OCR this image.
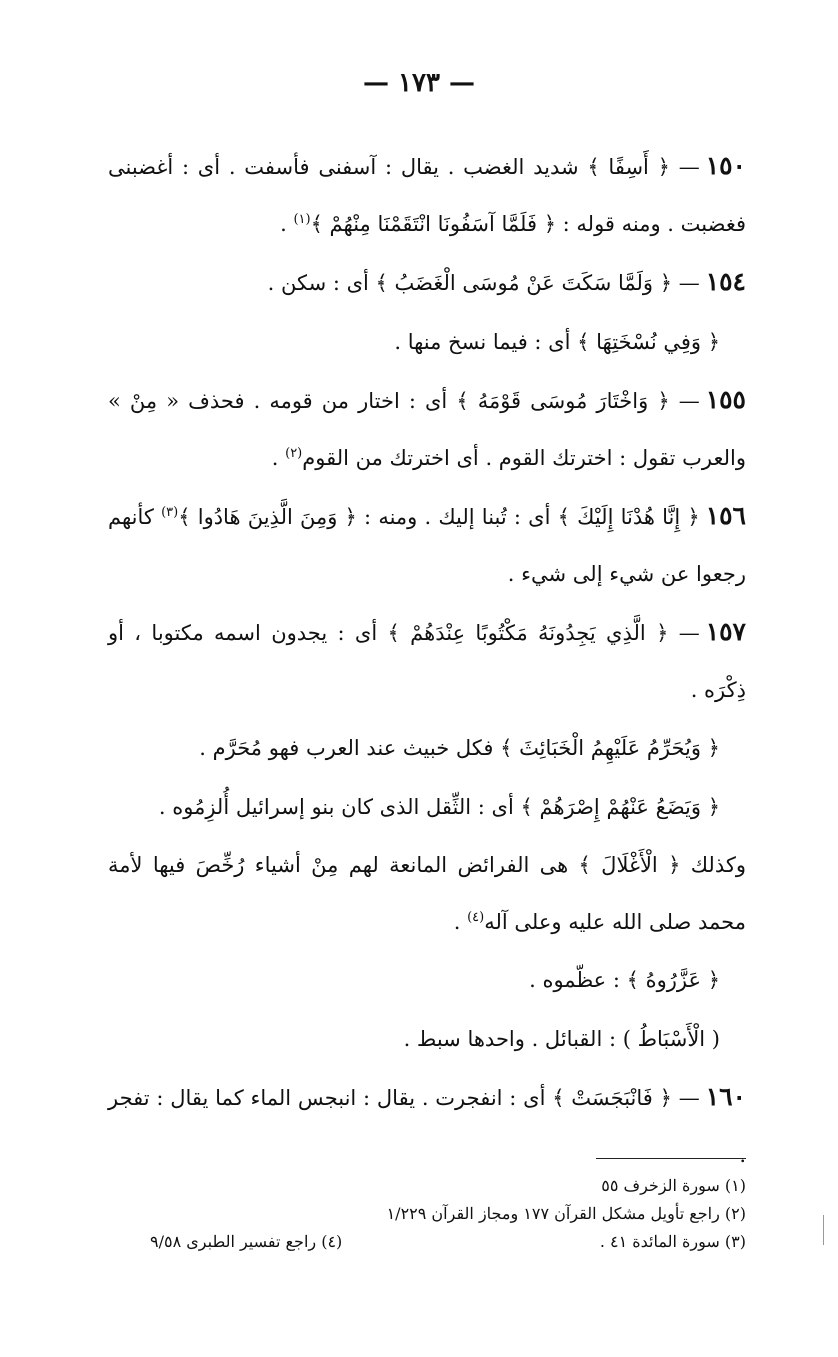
— ١٧٣ —

١٥٠— ﴿ أَسِفًا ﴾ شديد الغضب . يقال : آسفنى فأسفت . أى : أغضبنى فغضبت . ومنه قوله : ﴿ فَلَمَّا آسَفُونَا انْتَقَمْنَا مِنْهُمْ ﴾$^{(١)}$ .

١٥٤— ﴿ وَلَمَّا سَكَتَ عَنْ مُوسَى الْغَضَبُ ﴾ أى : سكن .

﴿ وَفِي نُسْخَتِهَا ﴾ أى : فيما نسخ منها .

١٥٥— ﴿ وَاخْتَارَ مُوسَى قَوْمَهُ ﴾ أى : اختار من قومه . فحذف « مِنْ » والعرب تقول : اخترتك القوم . أى اخترتك من القوم$^{(٢)}$ .

١٥٦﴿ إِنَّا هُدْنَا إِلَيْكَ ﴾ أى : تُبنا إليك . ومنه : ﴿ وَمِنَ الَّذِينَ هَادُوا ﴾$^{(٣)}$ كأنهم رجعوا عن شيء إلى شيء .

١٥٧— ﴿ الَّذِي يَجِدُونَهُ مَكْتُوبًا عِنْدَهُمْ ﴾ أى : يجدون اسمه مكتوبا ، أو ذِكْرَه .

﴿ وَيُحَرِّمُ عَلَيْهِمُ الْخَبَائِثَ ﴾ فكل خبيث عند العرب فهو مُحَرَّم .

﴿ وَيَضَعُ عَنْهُمْ إِصْرَهُمْ ﴾ أى : الثِّقل الذى كان بنو إسرائيل أُلزِمُوه .

وكذلك ﴿ الْأَغْلَالَ ﴾ هى الفرائض المانعة لهم مِنْ أشياء رُخِّصَ فيها لأمة محمد صلى الله عليه وعلى آله$^{(٤)}$ .

﴿ عَزَّرُوهُ ﴾ : عظّموه .

( الْأَسْبَاطُ ) : القبائل . واحدها سبط .

١٦٠— ﴿ فَانْبَجَسَتْ ﴾ أى : انفجرت . يقال : انبجس الماء كما يقال : تفجر .

(١) سورة الزخرف ٥٥
(٢) راجع تأويل مشكل القرآن ١٧٧ ومجاز القرآن ١/٢٢٩
(٣) سورة المائدة ٤١ .
(٤) راجع تفسير الطبرى ٩/٥٨
